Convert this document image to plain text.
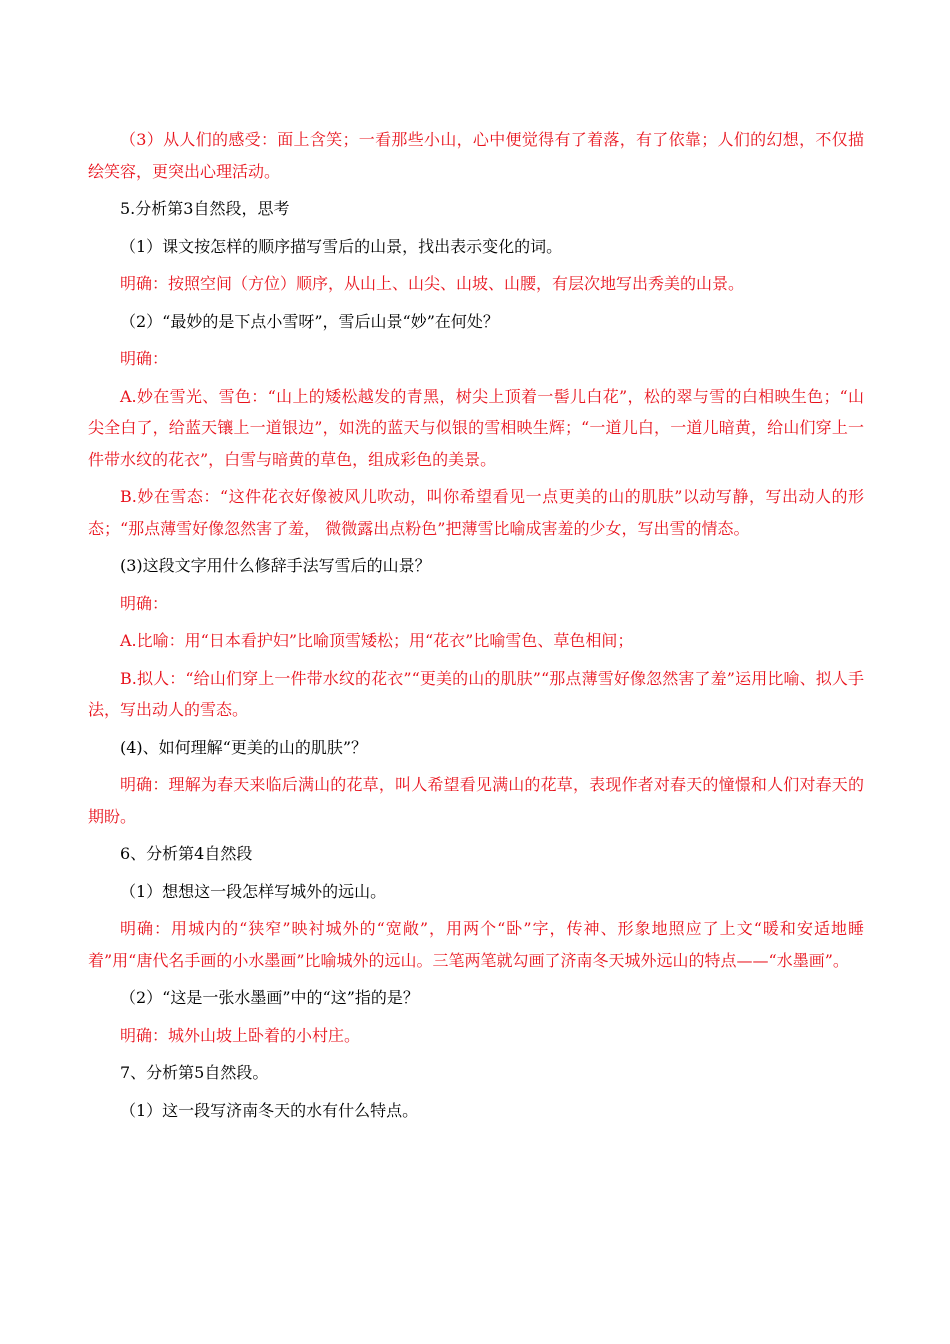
（3）从人们的感受：面上含笑；一看那些小山，心中便觉得有了着落，有了依靠；人们的幻想，不仅描绘笑容，更突出心理活动。

5.分析第3自然段，思考

（1）课文按怎样的顺序描写雪后的山景，找出表示变化的词。

明确：按照空间（方位）顺序，从山上、山尖、山坡、山腰，有层次地写出秀美的山景。

（2）“最妙的是下点小雪呀”，雪后山景“妙”在何处？

明确：

A.妙在雪光、雪色：“山上的矮松越发的青黑，树尖上顶着一髻儿白花”，松的翠与雪的白相映生色；“山尖全白了，给蓝天镶上一道银边”，如洗的蓝天与似银的雪相映生辉；“一道儿白，一道儿暗黄，给山们穿上一件带水纹的花衣”，白雪与暗黄的草色，组成彩色的美景。

B.妙在雪态：“这件花衣好像被风儿吹动，叫你希望看见一点更美的山的肌肤”以动写静，写出动人的形态；“那点薄雪好像忽然害了羞， 微微露出点粉色”把薄雪比喻成害羞的少女，写出雪的情态。

(3)这段文字用什么修辞手法写雪后的山景？

明确：

A.比喻：用“日本看护妇”比喻顶雪矮松；用“花衣”比喻雪色、草色相间；

B.拟人：“给山们穿上一件带水纹的花衣”“更美的山的肌肤”“那点薄雪好像忽然害了羞”运用比喻、拟人手法，写出动人的雪态。

(4)、如何理解“更美的山的肌肤”？

明确：理解为春天来临后满山的花草，叫人希望看见满山的花草，表现作者对春天的憧憬和人们对春天的期盼。

6、分析第4自然段

（1）想想这一段怎样写城外的远山。

明确：用城内的“狭窄”映衬城外的“宽敞”，用两个“卧”字，传神、形象地照应了上文“暖和安适地睡着”用“唐代名手画的小水墨画”比喻城外的远山。三笔两笔就勾画了济南冬天城外远山的特点——“水墨画”。

（2）“这是一张水墨画”中的“这”指的是？

明确：城外山坡上卧着的小村庄。

7、分析第5自然段。

（1）这一段写济南冬天的水有什么特点。
